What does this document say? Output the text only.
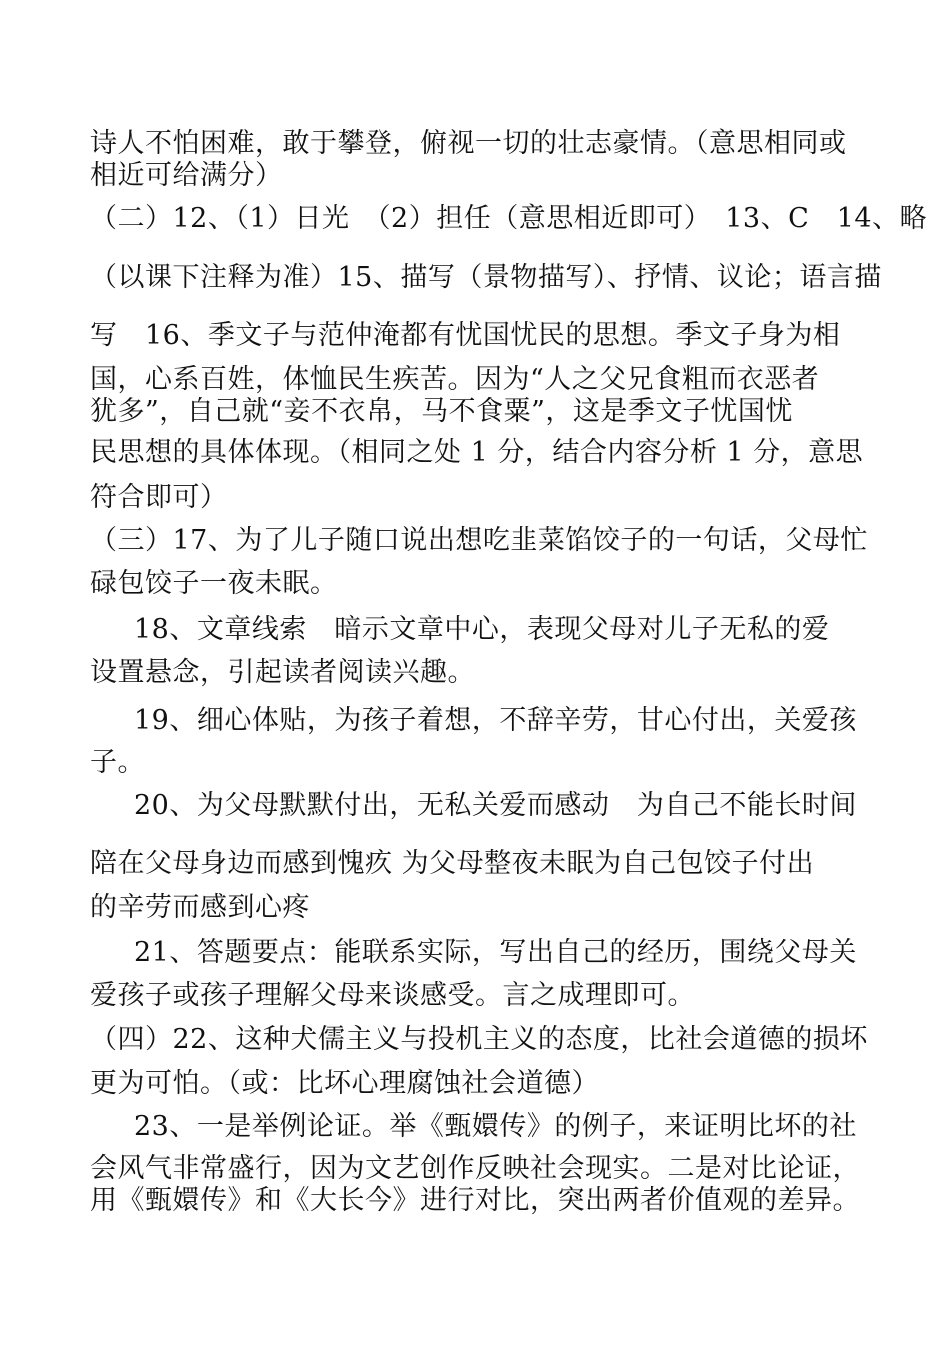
诗人不怕困难，敢于攀登，俯视一切的壮志豪情。（意思相同或
相近可给满分）
（二）12、（1）日光　（2）担任（意思相近即可）　13、C　14、略
（以课下注释为准）15、描写（景物描写）、抒情、议论；语言描
写　16、季文子与范仲淹都有忧国忧民的思想。季文子身为相
国，心系百姓，体恤民生疾苦。因为“人之父兄食粗而衣恶者
犹多”，自己就“妾不衣帛，马不食粟”，这是季文子忧国忧
民思想的具体体现。（相同之处 1 分，结合内容分析 1 分，意思
符合即可）
（三）17、为了儿子随口说出想吃韭菜馅饺子的一句话，父母忙
碌包饺子一夜未眠。
18、文章线索　暗示文章中心，表现父母对儿子无私的爱
设置悬念，引起读者阅读兴趣。
19、细心体贴，为孩子着想，不辞辛劳，甘心付出，关爱孩
子。
20、为父母默默付出，无私关爱而感动　为自己不能长时间
陪在父母身边而感到愧疚 为父母整夜未眠为自己包饺子付出
的辛劳而感到心疼
21、答题要点：能联系实际，写出自己的经历，围绕父母关
爱孩子或孩子理解父母来谈感受。言之成理即可。
（四）22、这种犬儒主义与投机主义的态度，比社会道德的损坏
更为可怕。（或：比坏心理腐蚀社会道德）
23、一是举例论证。举《甄嬛传》的例子，来证明比坏的社
会风气非常盛行，因为文艺创作反映社会现实。二是对比论证，
用《甄嬛传》和《大长今》进行对比，突出两者价值观的差异。
